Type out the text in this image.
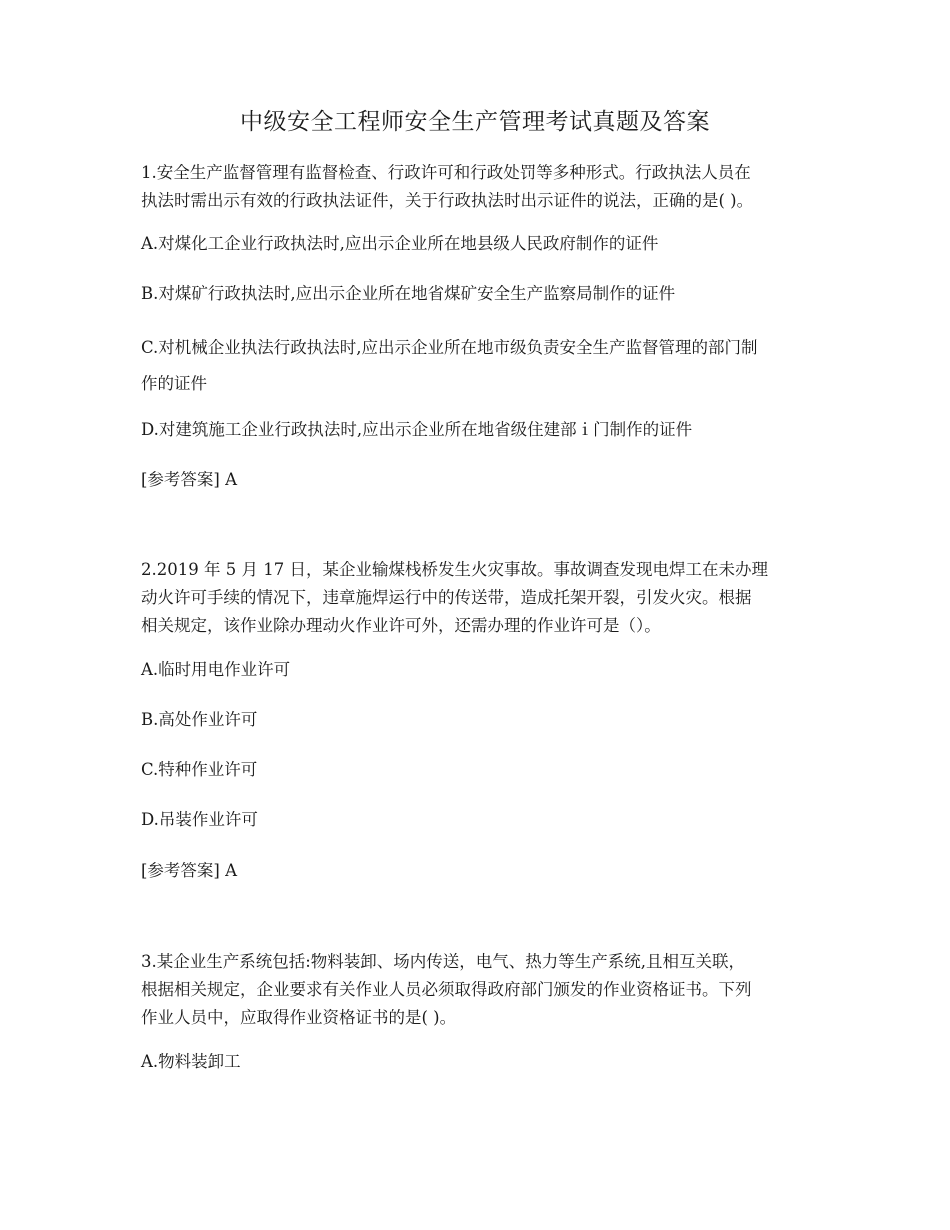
中级安全工程师安全生产管理考试真题及答案
1.安全生产监督管理有监督检查、行政许可和行政处罚等多种形式。行政执法人员在
执法时需出示有效的行政执法证件，关于行政执法时出示证件的说法，正确的是( )。
A.对煤化工企业行政执法时,应出示企业所在地县级人民政府制作的证件
B.对煤矿行政执法时,应出示企业所在地省煤矿安全生产监察局制作的证件
C.对机械企业执法行政执法时,应出示企业所在地市级负责安全生产监督管理的部门制
作的证件
D.对建筑施工企业行政执法时,应出示企业所在地省级住建部ｉ门制作的证件
[参考答案] A
2.2019 年 5 月 17 日，某企业输煤栈桥发生火灾事故。事故调查发现电焊工在未办理
动火许可手续的情况下，违章施焊运行中的传送带，造成托架开裂，引发火灾。根据
相关规定，该作业除办理动火作业许可外，还需办理的作业许可是（）。
A.临时用电作业许可
B.高处作业许可
C.特种作业许可
D.吊装作业许可
[参考答案] A
3.某企业生产系统包括:物料装卸、场内传送，电气、热力等生产系统,且相互关联，
根据相关规定，企业要求有关作业人员必须取得政府部门颁发的作业资格证书。下列
作业人员中，应取得作业资格证书的是( )。
A.物料装卸工
